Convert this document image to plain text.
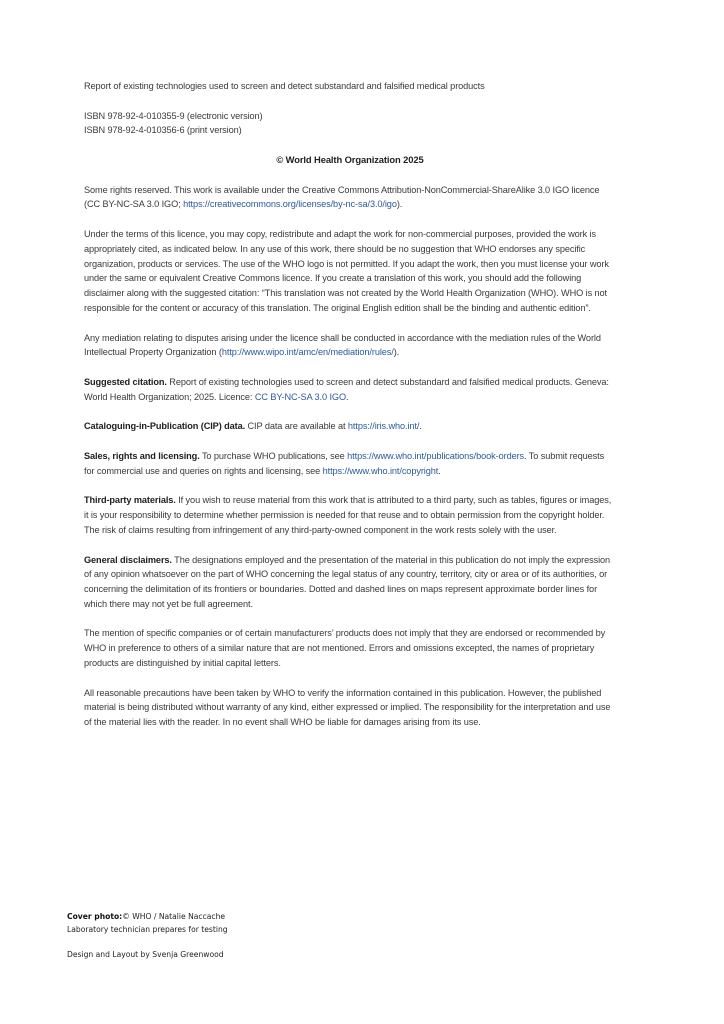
Report of existing technologies used to screen and detect substandard and falsified medical products
ISBN 978-92-4-010355-9 (electronic version)
ISBN 978-92-4-010356-6 (print version)
© World Health Organization 2025

Some rights reserved. This work is available under the Creative Commons Attribution-NonCommercial-ShareAlike 3.0 IGO licence (CC BY-NC-SA 3.0 IGO; https://creativecommons.org/licenses/by-nc-sa/3.0/igo).

Under the terms of this licence, you may copy, redistribute and adapt the work for non-commercial purposes, provided the work is appropriately cited, as indicated below. In any use of this work, there should be no suggestion that WHO endorses any specific organization, products or services. The use of the WHO logo is not permitted. If you adapt the work, then you must license your work under the same or equivalent Creative Commons licence. If you create a translation of this work, you should add the following disclaimer along with the suggested citation: “This translation was not created by the World Health Organization (WHO). WHO is not responsible for the content or accuracy of this translation. The original English edition shall be the binding and authentic edition”.

Any mediation relating to disputes arising under the licence shall be conducted in accordance with the mediation rules of the World Intellectual Property Organization (http://www.wipo.int/amc/en/mediation/rules/).

Suggested citation. Report of existing technologies used to screen and detect substandard and falsified medical products. Geneva: World Health Organization; 2025. Licence: CC BY-NC-SA 3.0 IGO.

Cataloguing-in-Publication (CIP) data. CIP data are available at https://iris.who.int/.

Sales, rights and licensing. To purchase WHO publications, see https://www.who.int/publications/book-orders. To submit requests for commercial use and queries on rights and licensing, see https://www.who.int/copyright.

Third-party materials. If you wish to reuse material from this work that is attributed to a third party, such as tables, figures or images, it is your responsibility to determine whether permission is needed for that reuse and to obtain permission from the copyright holder. The risk of claims resulting from infringement of any third-party-owned component in the work rests solely with the user.

General disclaimers. The designations employed and the presentation of the material in this publication do not imply the expression of any opinion whatsoever on the part of WHO concerning the legal status of any country, territory, city or area or of its authorities, or concerning the delimitation of its frontiers or boundaries. Dotted and dashed lines on maps represent approximate border lines for which there may not yet be full agreement.

The mention of specific companies or of certain manufacturers’ products does not imply that they are endorsed or recommended by WHO in preference to others of a similar nature that are not mentioned. Errors and omissions excepted, the names of proprietary products are distinguished by initial capital letters.

All reasonable precautions have been taken by WHO to verify the information contained in this publication. However, the published material is being distributed without warranty of any kind, either expressed or implied. The responsibility for the interpretation and use of the material lies with the reader. In no event shall WHO be liable for damages arising from its use.

Cover photo:© WHO / Natalie Naccache
Laboratory technician prepares for testing
Design and Layout by Svenja Greenwood
